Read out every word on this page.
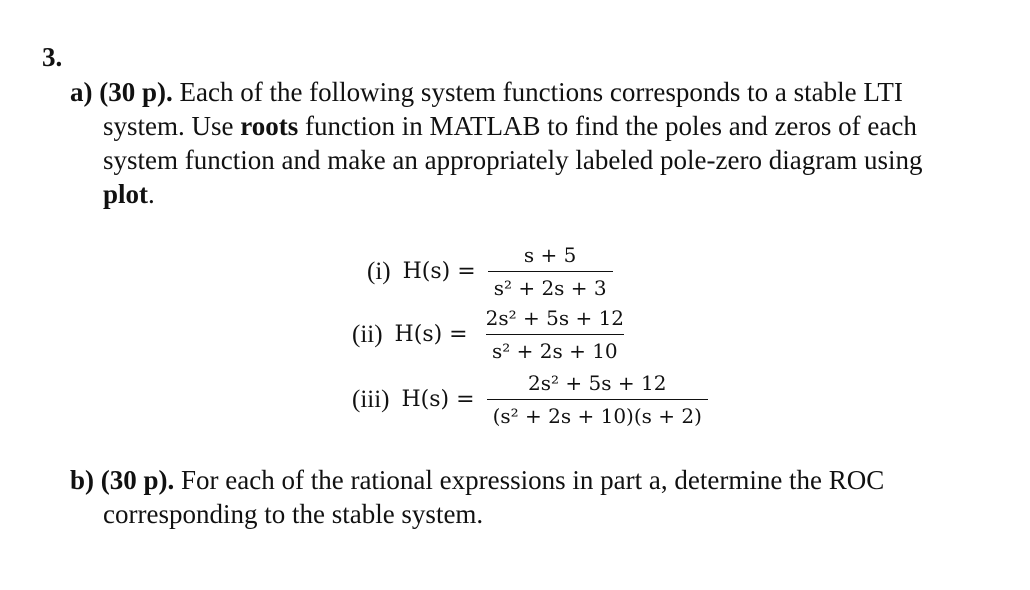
3.
a) (30 p). Each of the following system functions corresponds to a stable LTI
system. Use roots function in MATLAB to find the poles and zeros of each
system function and make an appropriately labeled pole-zero diagram using
plot.
(i) $H(s) = \frac{s + 5}{\text{s² + 2s + 3}}$
(ii) $H(s) = \frac{\text{2s² + 5s + 12}}{\text{s² + 2s + 10}}$
(iii) $H(s) = \frac{\text{2s² + 5s + 12}}{\text{(s² + 2s + 10)(s + 2)}}$
b) (30 p). For each of the rational expressions in part a, determine the ROC
corresponding to the stable system.
